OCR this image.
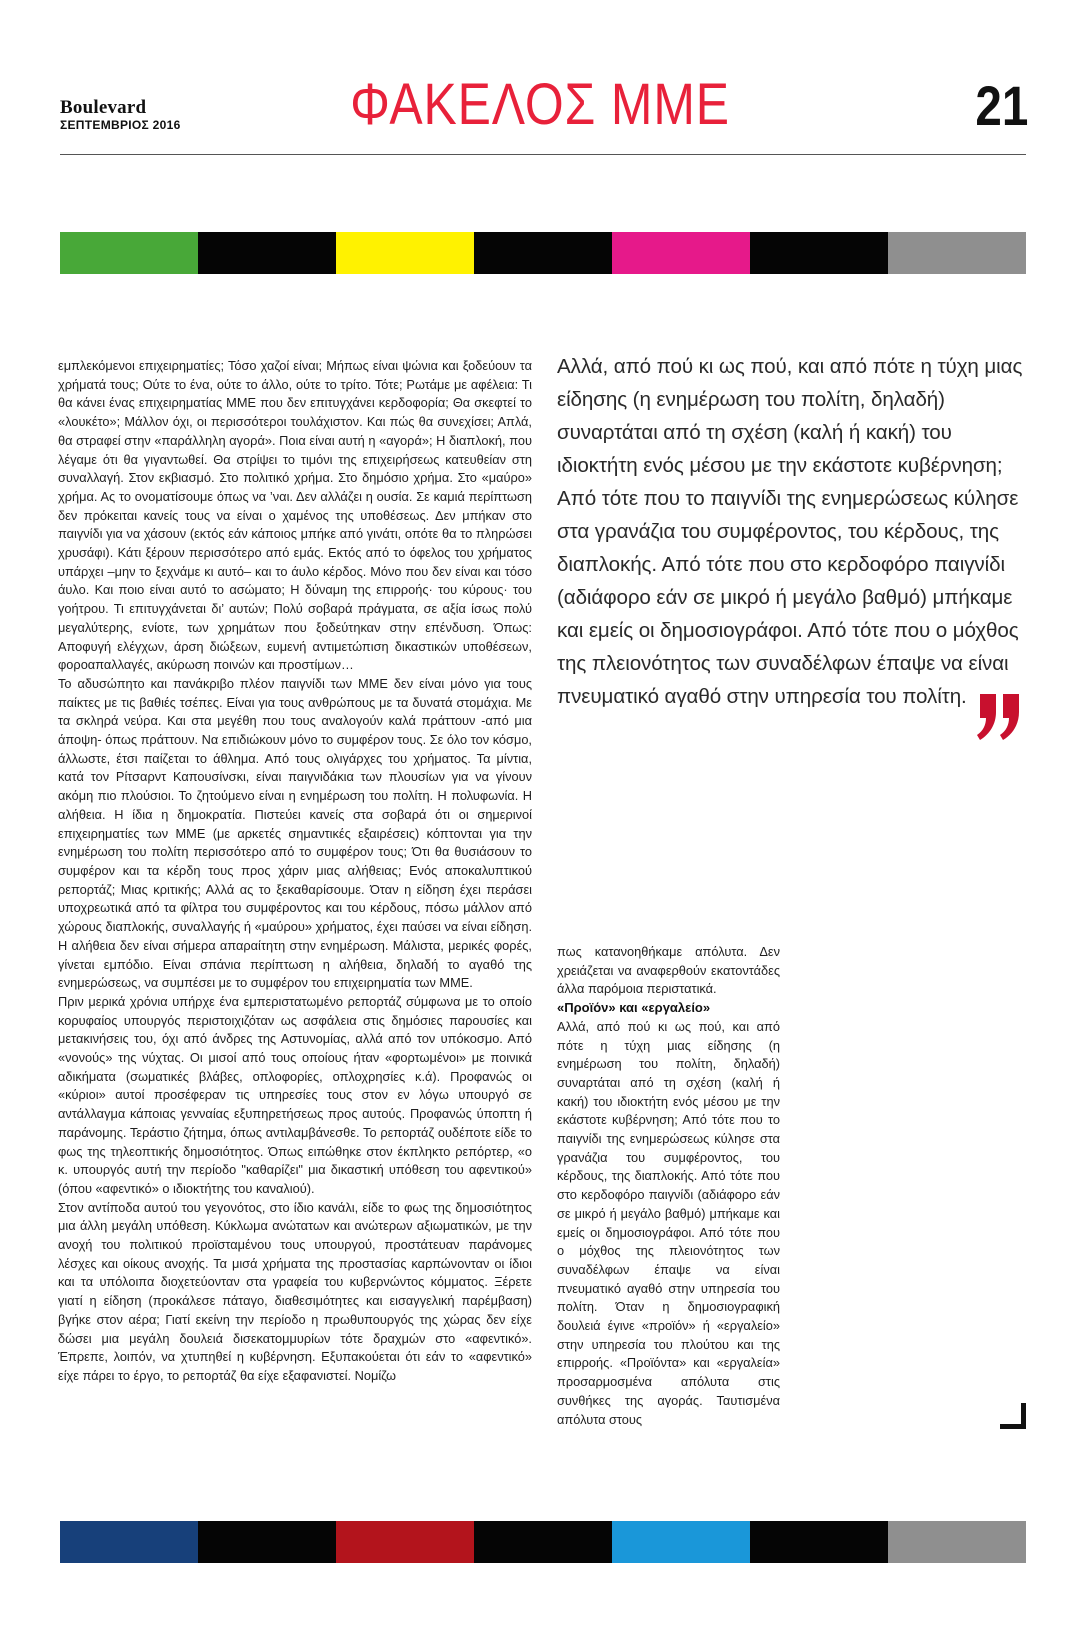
Boulevard
ΣΕΠΤΕΜΒΡΙΟΣ 2016	ΦΑΚΕΛΟΣ ΜΜΕ	21

εμπλεκόμενοι επιχειρηματίες; Τόσο χαζοί είναι; Μήπως είναι ψώνια και ξοδεύουν τα χρήματά τους; Ούτε το ένα, ούτε το άλλο, ούτε το τρίτο. Τότε; Ρωτάμε με αφέλεια: Τι θα κάνει ένας επιχειρηματίας ΜΜΕ που δεν επιτυγχάνει κερδοφορία; Θα σκεφτεί το «λουκέτο»; Μάλλον όχι, οι περισσότεροι τουλάχιστον. Και πώς θα συνεχίσει; Απλά, θα στραφεί στην «παράλληλη αγορά». Ποια είναι αυτή η «αγορά»; Η διαπλοκή, που λέγαμε ότι θα γιγαντωθεί. Θα στρίψει το τιμόνι της επιχειρήσεως κατευθείαν στη συναλλαγή. Στον εκβιασμό. Στο πολιτικό χρήμα. Στο δημόσιο χρήμα. Στο «μαύρο» χρήμα. Ας το ονοματίσουμε όπως να ’ναι. Δεν αλλάζει η ουσία. Σε καμιά περίπτωση δεν πρόκειται κανείς τους να είναι ο χαμένος της υποθέσεως. Δεν μπήκαν στο παιγνίδι για να χάσουν (εκτός εάν κάποιος μπήκε από γινάτι, οπότε θα το πληρώσει χρυσάφι). Κάτι ξέρουν περισσότερο από εμάς. Εκτός από το όφελος του χρήματος υπάρχει –μην το ξεχνάμε κι αυτό– και το άυλο κέρδος. Μόνο που δεν είναι και τόσο άυλο. Και ποιο είναι αυτό το ασώματο; Η δύναμη της επιρροής· του κύρους· του γοήτρου. Τι επιτυγχάνεται δι’ αυτών; Πολύ σοβαρά πράγματα, σε αξία ίσως πολύ μεγαλύτερης, ενίοτε, των χρημάτων που ξοδεύτηκαν στην επένδυση. Όπως: Αποφυγή ελέγχων, άρση διώξεων, ευμενή αντιμετώπιση δικαστικών υποθέσεων, φοροαπαλλαγές, ακύρωση ποινών και προστίμων…

Το αδυσώπητο και πανάκριβο πλέον παιγνίδι των ΜΜΕ δεν είναι μόνο για τους παίκτες με τις βαθιές τσέπες. Είναι για τους ανθρώπους με τα δυνατά στομάχια. Με τα σκληρά νεύρα. Και στα μεγέθη που τους αναλογούν καλά πράττουν -από μια άποψη- όπως πράττουν. Να επιδιώκουν μόνο το συμφέρον τους. Σε όλο τον κόσμο, άλλωστε, έτσι παίζεται το άθλημα. Από τους ολιγάρχες του χρήματος. Τα μίντια, κατά τον Ρίτσαρντ Καπουσίνσκι, είναι παιγνιδάκια των πλουσίων για να γίνουν ακόμη πιο πλούσιοι. Το ζητούμενο είναι η ενημέρωση του πολίτη. Η πολυφωνία. Η αλήθεια. Η ίδια η δημοκρατία. Πιστεύει κανείς στα σοβαρά ότι οι σημερινοί επιχειρηματίες των ΜΜΕ (με αρκετές σημαντικές εξαιρέσεις) κόπτονται για την ενημέρωση του πολίτη περισσότερο από το συμφέρον τους; Ότι θα θυσιάσουν το συμφέρον και τα κέρδη τους προς χάριν μιας αλήθειας; Ενός αποκαλυπτικού ρεπορτάζ; Μιας κριτικής; Αλλά ας το ξεκαθαρίσουμε. Όταν η είδηση έχει περάσει υποχρεωτικά από τα φίλτρα του συμφέροντος και του κέρδους, πόσω μάλλον από χώρους διαπλοκής, συναλλαγής ή «μαύρου» χρήματος, έχει παύσει να είναι είδηση. Η αλήθεια δεν είναι σήμερα απαραίτητη στην ενημέρωση. Μάλιστα, μερικές φορές, γίνεται εμπόδιο. Είναι σπάνια περίπτωση η αλήθεια, δηλαδή το αγαθό της ενημερώσεως, να συμπέσει με το συμφέρον του επιχειρηματία των ΜΜΕ.

Πριν μερικά χρόνια υπήρχε ένα εμπεριστατωμένο ρεπορτάζ σύμφωνα με το οποίο κορυφαίος υπουργός περιστοιχιζόταν ως ασφάλεια στις δημόσιες παρουσίες και μετακινήσεις του, όχι από άνδρες της Αστυνομίας, αλλά από τον υπόκοσμο. Από «νονούς» της νύχτας. Οι μισοί από τους οποίους ήταν «φορτωμένοι» με ποινικά αδικήματα (σωματικές βλάβες, οπλοφορίες, οπλοχρησίες κ.ά). Προφανώς οι «κύριοι» αυτοί προσέφεραν τις υπηρεσίες τους στον εν λόγω υπουργό σε αντάλλαγμα κάποιας γενναίας εξυπηρετήσεως προς αυτούς. Προφανώς ύποπτη ή παράνομης. Τεράστιο ζήτημα, όπως αντιλαμβάνεσθε. Το ρεπορτάζ ουδέποτε είδε το φως της τηλεοπτικής δημοσιότητος. Όπως ειπώθηκε στον έκπληκτο ρεπόρτερ, «ο κ. υπουργός αυτή την περίοδο "καθαρίζει" μια δικαστική υπόθεση του αφεντικού» (όπου «αφεντικό» ο ιδιοκτήτης του καναλιού).

Στον αντίποδα αυτού του γεγονότος, στο ίδιο κανάλι, είδε το φως της δημοσιότητος μια άλλη μεγάλη υπόθεση. Κύκλωμα ανώτατων και ανώτερων αξιωματικών, με την ανοχή του πολιτικού προϊσταμένου τους υπουργού, προστάτευαν παράνομες λέσχες και οίκους ανοχής. Τα μισά χρήματα της προστασίας καρπώνονταν οι ίδιοι και τα υπόλοιπα διοχετεύονταν στα γραφεία του κυβερνώντος κόμματος. Ξέρετε γιατί η είδηση (προκάλεσε πάταγο, διαθεσιμότητες και εισαγγελική παρέμβαση) βγήκε στον αέρα; Γιατί εκείνη την περίοδο η πρωθυπουργός της χώρας δεν είχε δώσει μια μεγάλη δουλειά δισεκατομμυρίων τότε δραχμών στο «αφεντικό». Έπρεπε, λοιπόν, να χτυπηθεί η κυβέρνηση. Εξυπακούεται ότι εάν το «αφεντικό» είχε πάρει το έργο, το ρεπορτάζ θα είχε εξαφανιστεί. Νομίζω

Αλλά, από πού κι ως πού, και από πότε η τύχη μιας είδησης (η ενημέρωση του πολίτη, δηλαδή) συναρτάται από τη σχέση (καλή ή κακή) του ιδιοκτήτη ενός μέσου με την εκάστοτε κυβέρνηση; Από τότε που το παιγνίδι της ενημερώσεως κύλησε στα γρανάζια του συμφέροντος, του κέρδους, της διαπλοκής. Από τότε που στο κερδοφόρο παιγνίδι (αδιάφορο εάν σε μικρό ή μεγάλο βαθμό) μπήκαμε και εμείς οι δημοσιογράφοι. Από τότε που ο μόχθος της πλειονότητος των συναδέλφων έπαψε να είναι πνευματικό αγαθό στην υπηρεσία του πολίτη.

πως κατανοηθήκαμε απόλυτα. Δεν χρειάζεται να αναφερθούν εκατοντάδες άλλα παρόμοια περιστατικά.

«Προϊόν» και «εργαλείο»

Αλλά, από πού κι ως πού, και από πότε η τύχη μιας είδησης (η ενημέρωση του πολίτη, δηλαδή) συναρτάται από τη σχέση (καλή ή κακή) του ιδιοκτήτη ενός μέσου με την εκάστοτε κυβέρνηση; Από τότε που το παιγνίδι της ενημερώσεως κύλησε στα γρανάζια του συμφέροντος, του κέρδους, της διαπλοκής. Από τότε που στο κερδοφόρο παιγνίδι (αδιάφορο εάν σε μικρό ή μεγάλο βαθμό) μπήκαμε και εμείς οι δημοσιογράφοι. Από τότε που ο μόχθος της πλειονότητος των συναδέλφων έπαψε να είναι πνευματικό αγαθό στην υπηρεσία του πολίτη. Όταν η δημοσιογραφική δουλειά έγινε «προϊόν» ή «εργαλείο» στην υπηρεσία του πλούτου και της επιρροής. «Προϊόντα» και «εργαλεία» προσαρμοσμένα απόλυτα στις συνθήκες της αγοράς. Ταυτισμένα απόλυτα στους
